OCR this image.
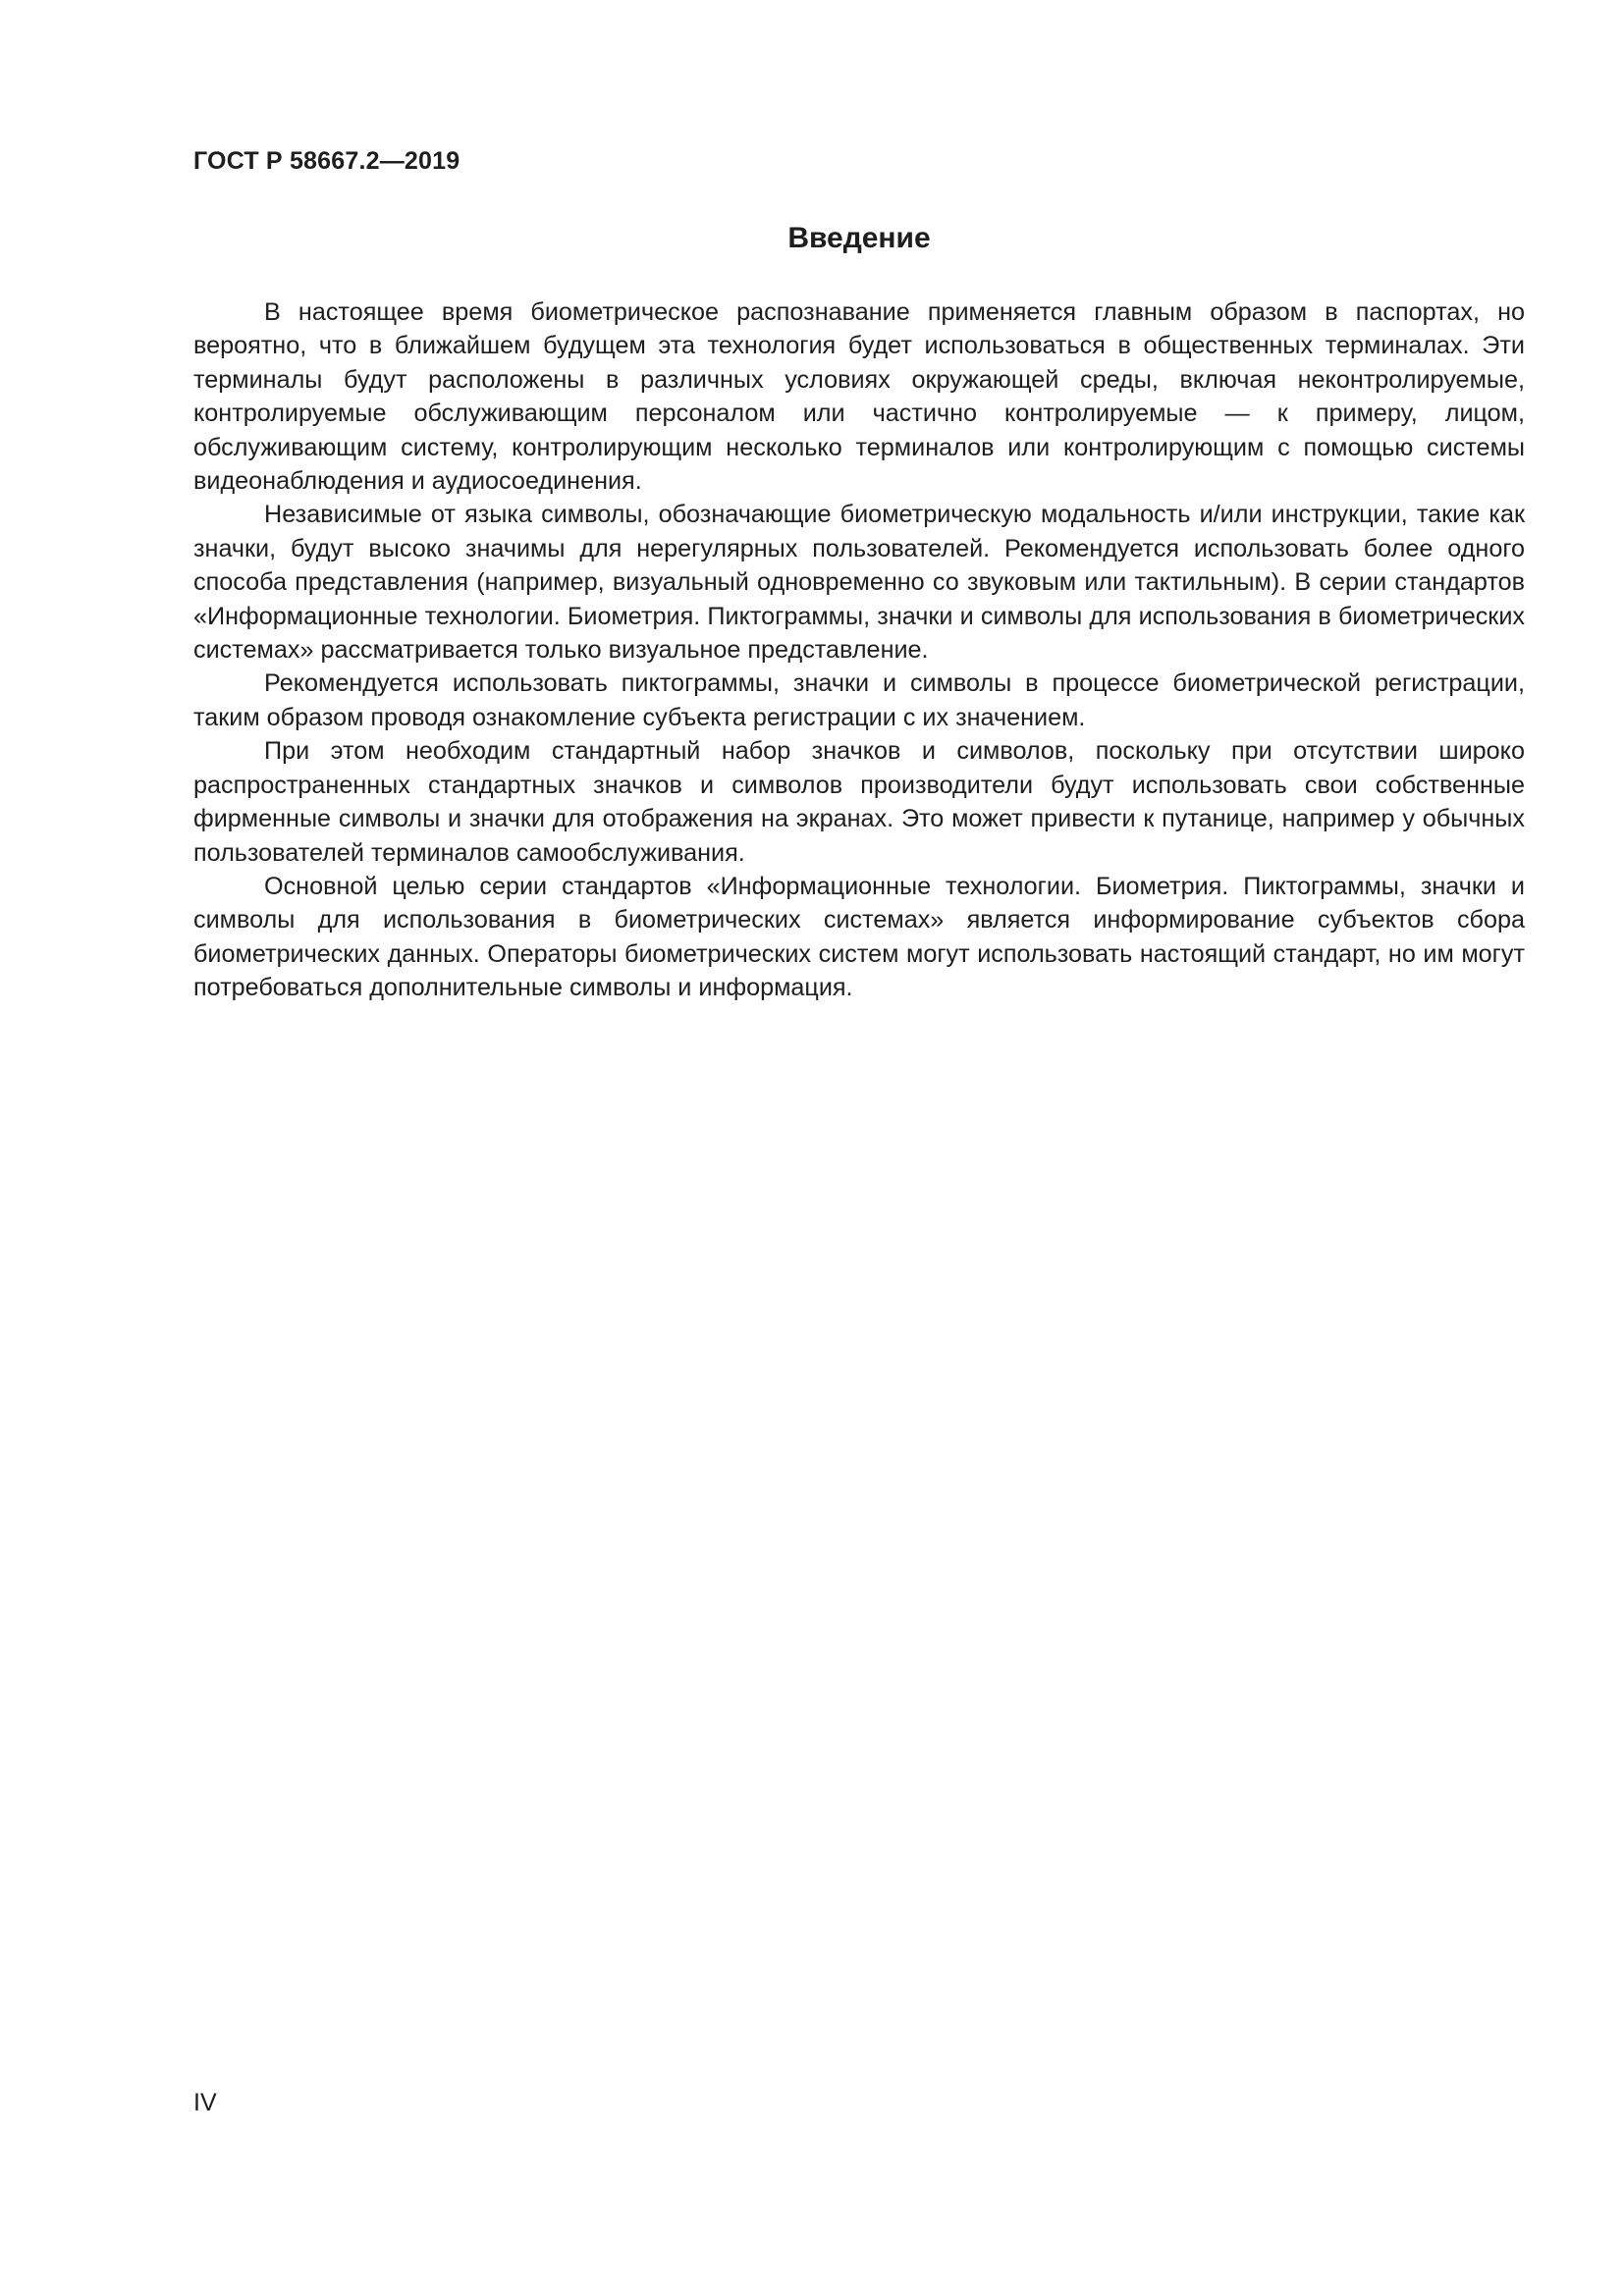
ГОСТ Р 58667.2—2019
Введение

В настоящее время биометрическое распознавание применяется главным образом в паспортах, но вероятно, что в ближайшем будущем эта технология будет использоваться в общественных терминалах. Эти терминалы будут расположены в различных условиях окружающей среды, включая неконтролируемые, контролируемые обслуживающим персоналом или частично контролируемые — к примеру, лицом, обслуживающим систему, контролирующим несколько терминалов или контролирующим с помощью системы видеонаблюдения и аудиосоединения.

Независимые от языка символы, обозначающие биометрическую модальность и/или инструкции, такие как значки, будут высоко значимы для нерегулярных пользователей. Рекомендуется использовать более одного способа представления (например, визуальный одновременно со звуковым или тактильным). В серии стандартов «Информационные технологии. Биометрия. Пиктограммы, значки и символы для использования в биометрических системах» рассматривается только визуальное представление.

Рекомендуется использовать пиктограммы, значки и символы в процессе биометрической регистрации, таким образом проводя ознакомление субъекта регистрации с их значением.

При этом необходим стандартный набор значков и символов, поскольку при отсутствии широко распространенных стандартных значков и символов производители будут использовать свои собственные фирменные символы и значки для отображения на экранах. Это может привести к путанице, например у обычных пользователей терминалов самообслуживания.

Основной целью серии стандартов «Информационные технологии. Биометрия. Пиктограммы, значки и символы для использования в биометрических системах» является информирование субъектов сбора биометрических данных. Операторы биометрических систем могут использовать настоящий стандарт, но им могут потребоваться дополнительные символы и информация.

IV
